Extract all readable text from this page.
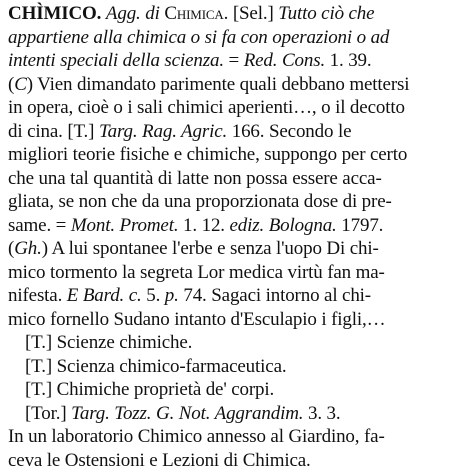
CHÌMICO. Agg. di Chimica. [Sel.] Tutto ciò che
appartiene alla chimica o si fa con operazioni o ad
intenti speciali della scienza. = Red. Cons. 1. 39.
(C) Vien dimandato parimente quali debbano mettersi
in opera, cioè o i sali chimici aperienti…, o il decotto
di cina. [T.] Targ. Rag. Agric. 166. Secondo le
migliori teorie fisiche e chimiche, suppongo per certo
che una tal quantità di latte non possa essere acca-
gliata, se non che da una proporzionata dose di pre-
same. = Mont. Promet. 1. 12. ediz. Bologna. 1797.
(Gh.) A lui spontanee l'erbe e senza l'uopo Di chi-
mico tormento la segreta Lor medica virtù fan ma-
nifesta. E Bard. c. 5. p. 74. Sagaci intorno al chi-
mico fornello Sudano intanto d'Esculapio i figli,…
[T.] Scienze chimiche.
[T.] Scienza chimico-farmaceutica.
[T.] Chimiche proprietà de' corpi.
[Tor.] Targ. Tozz. G. Not. Aggrandim. 3. 3.
In un laboratorio Chimico annesso al Giardino, fa-
ceva le Ostensioni e Lezioni di Chimica.
